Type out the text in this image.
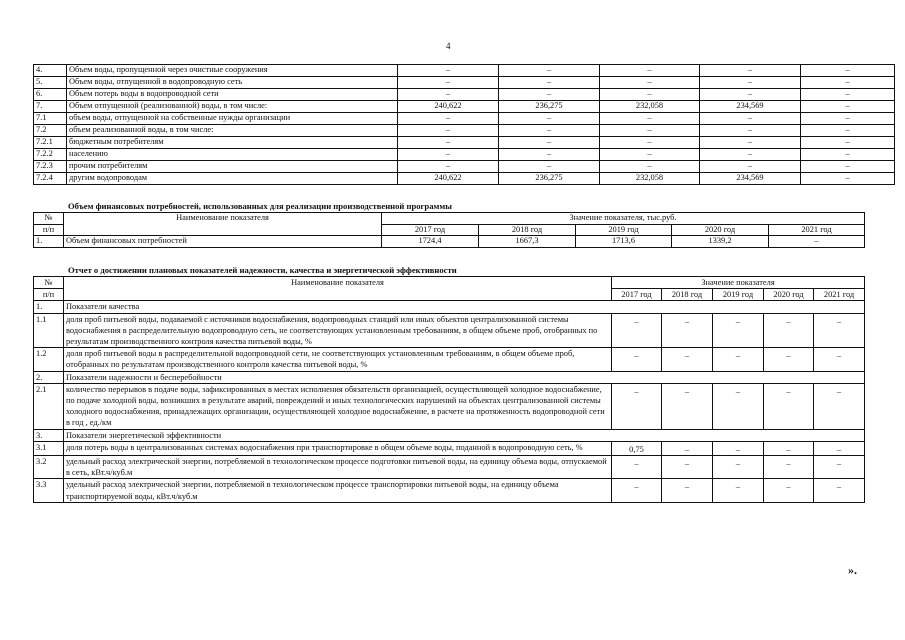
4
4.	Объем воды, пропущенной через очистные сооружения	–	–	–	–	–
5.	Объем воды, отпущенной в водопроводную сеть	–	–	–	–	–
6.	Объем потерь воды в водопроводной сети	–	–	–	–	–
7.	Объем отпущенной (реализованной) воды, в том числе:	240,622	236,275	232,058	234,569	–
7.1	объем воды, отпущенной на собственные нужды организации	–	–	–	–	–
7.2	объем реализованной воды, в том числе:	–	–	–	–	–
7.2.1	бюджетным потребителям	–	–	–	–	–
7.2.2	населению	–	–	–	–	–
7.2.3	прочим потребителям	–	–	–	–	–
7.2.4	другим водопроводам	240,622	236,275	232,058	234,569	–
Объем финансовых потребностей, использованных для реализации производственной программы
№	Наименование показателя	Значение показателя, тыс.руб.				
п/п		2017 год	2018 год	2019 год	2020 год	2021 год
1.	Объем финансовых потребностей	1724,4	1667,3	1713,6	1339,2	–
Отчет о достижении плановых показателей надежности, качества и энергетической эффективности
№	Наименование показателя	Значение показателя				
п/п		2017 год	2018 год	2019 год	2020 год	2021 год
1.	Показатели качества					
1.1	доля проб питьевой воды, подаваемой с источников водоснабжения, водопроводных станций или иных объектов централизованной системы водоснабжения в распределительную водопроводную сеть, не соответствующих установленным требованиям, в общем объеме проб, отобранных по результатам производственного контроля качества питьевой воды, %	–	–	–	–	–
1.2	доля проб питьевой воды в распределительной водопроводной сети, не соответствующих установленным требованиям, в общем объеме проб, отобранных по результатам производственного контроля качества питьевой воды, %	–	–	–	–	–
2.	Показатели надежности и бесперебойности					
2.1	количество перерывов в подаче воды, зафиксированных в местах исполнения обязательств организацией, осуществляющей холодное водоснабжение, по подаче холодной воды, возникших в результате аварий, повреждений и иных технологических нарушений на объектах централизованной системы холодного водоснабжения, принадлежащих организации, осуществляющей холодное водоснабжение, в расчете на протяженность водопроводной сети в год , ед./км	–	–	–	–	–
3.	Показатели энергетической эффективности					
3.1	доля потерь воды в централизованных системах водоснабжения при транспортировке в общем объеме воды, поданной в водопроводную сеть, %	0,75	–	–	–	–
3.2	удельный расход электрической энергии, потребляемой в технологическом процессе подготовки питьевой воды, на единицу объема воды, отпускаемой в сеть, кВт.ч/куб.м	–	–	–	–	–
3.3	удельный расход электрической энергии, потребляемой в технологическом процессе транспортировки питьевой воды, на единицу объема транспортируемой воды, кВт.ч/куб.м	–	–	–	–	–
».
